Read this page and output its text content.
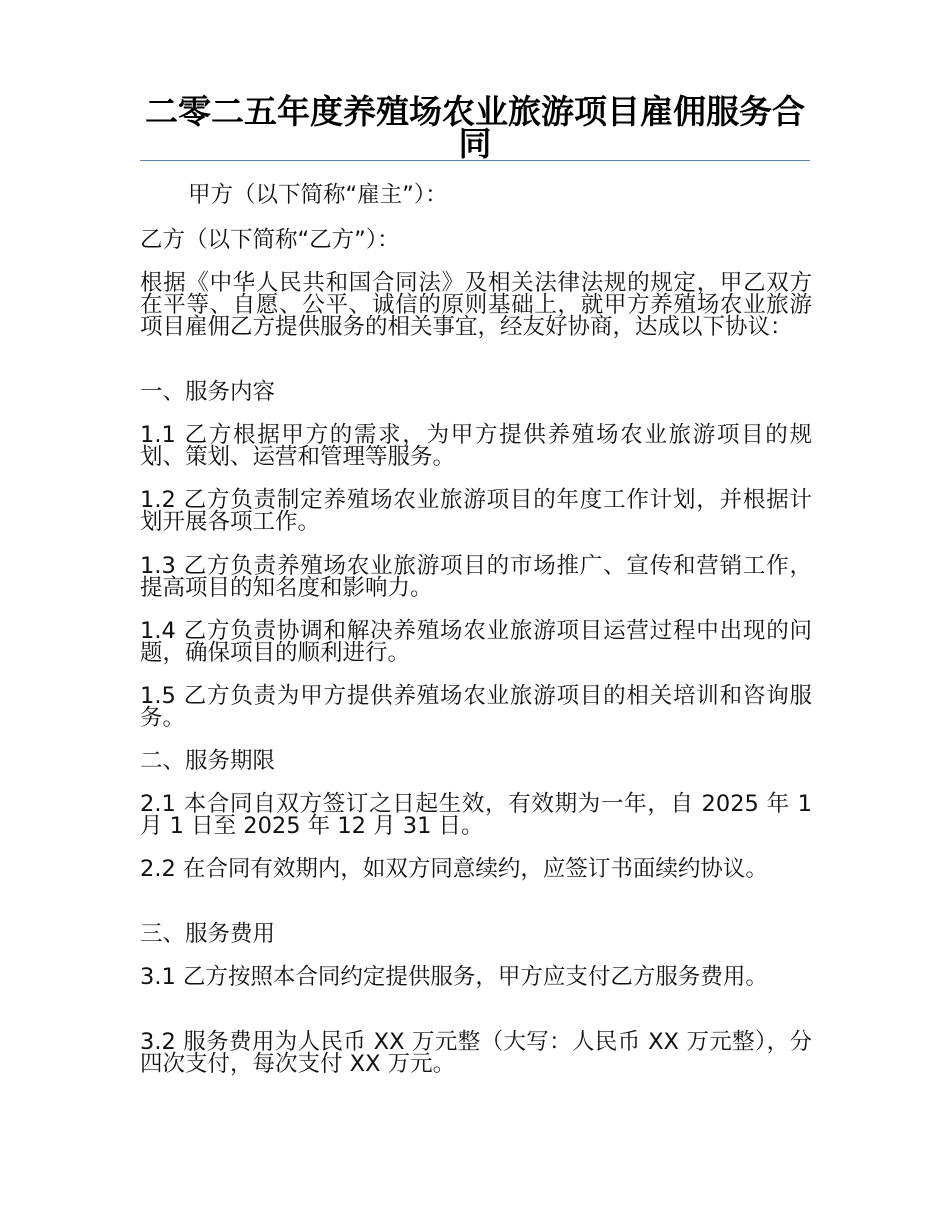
二零二五年度养殖场农业旅游项目雇佣服务合同
甲方（以下简称“雇主”）：
乙方（以下简称“乙方”）：
根据《中华人民共和国合同法》及相关法律法规的规定，甲乙双方在平等、自愿、公平、诚信的原则基础上，就甲方养殖场农业旅游项目雇佣乙方提供服务的相关事宜，经友好协商，达成以下协议：
一、服务内容
1.1 乙方根据甲方的需求，为甲方提供养殖场农业旅游项目的规划、策划、运营和管理等服务。
1.2 乙方负责制定养殖场农业旅游项目的年度工作计划，并根据计划开展各项工作。
1.3 乙方负责养殖场农业旅游项目的市场推广、宣传和营销工作，提高项目的知名度和影响力。
1.4 乙方负责协调和解决养殖场农业旅游项目运营过程中出现的问题，确保项目的顺利进行。
1.5 乙方负责为甲方提供养殖场农业旅游项目的相关培训和咨询服务。
二、服务期限
2.1 本合同自双方签订之日起生效，有效期为一年，自 2025 年 1 月 1 日至 2025 年 12 月 31 日。
2.2 在合同有效期内，如双方同意续约，应签订书面续约协议。
三、服务费用
3.1 乙方按照本合同约定提供服务，甲方应支付乙方服务费用。
3.2 服务费用为人民币 XX 万元整（大写：人民币 XX 万元整），分四次支付，每次支付 XX 万元。
